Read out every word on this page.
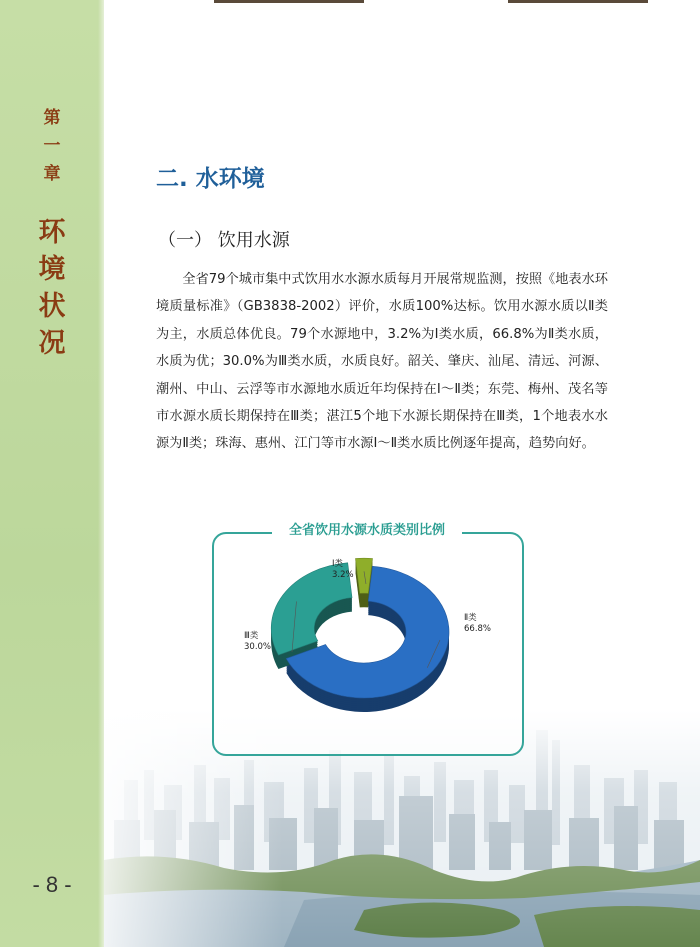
第
一
章
环
境
状
况
- 8 -
二. 水环境
（一） 饮用水源
全省79个城市集中式饮用水水源水质每月开展常规监测，按照《地表水环境质量标准》（GB3838-2002）评价，水质100%达标。饮用水源水质以Ⅱ类为主，水质总体优良。79个水源地中，3.2%为Ⅰ类水质，66.8%为Ⅱ类水质，水质为优；30.0%为Ⅲ类水质，水质良好。韶关、肇庆、汕尾、清远、河源、潮州、中山、云浮等市水源地水质近年均保持在Ⅰ～Ⅱ类；东莞、梅州、茂名等市水源水质长期保持在Ⅲ类；湛江5个地下水源长期保持在Ⅲ类，1个地表水水源为Ⅱ类；珠海、惠州、江门等市水源Ⅰ～Ⅱ类水质比例逐年提高，趋势向好。
全省饮用水源水质类别比例
Ⅰ类
3.2%
Ⅱ类
66.8%
Ⅲ类
30.0%
